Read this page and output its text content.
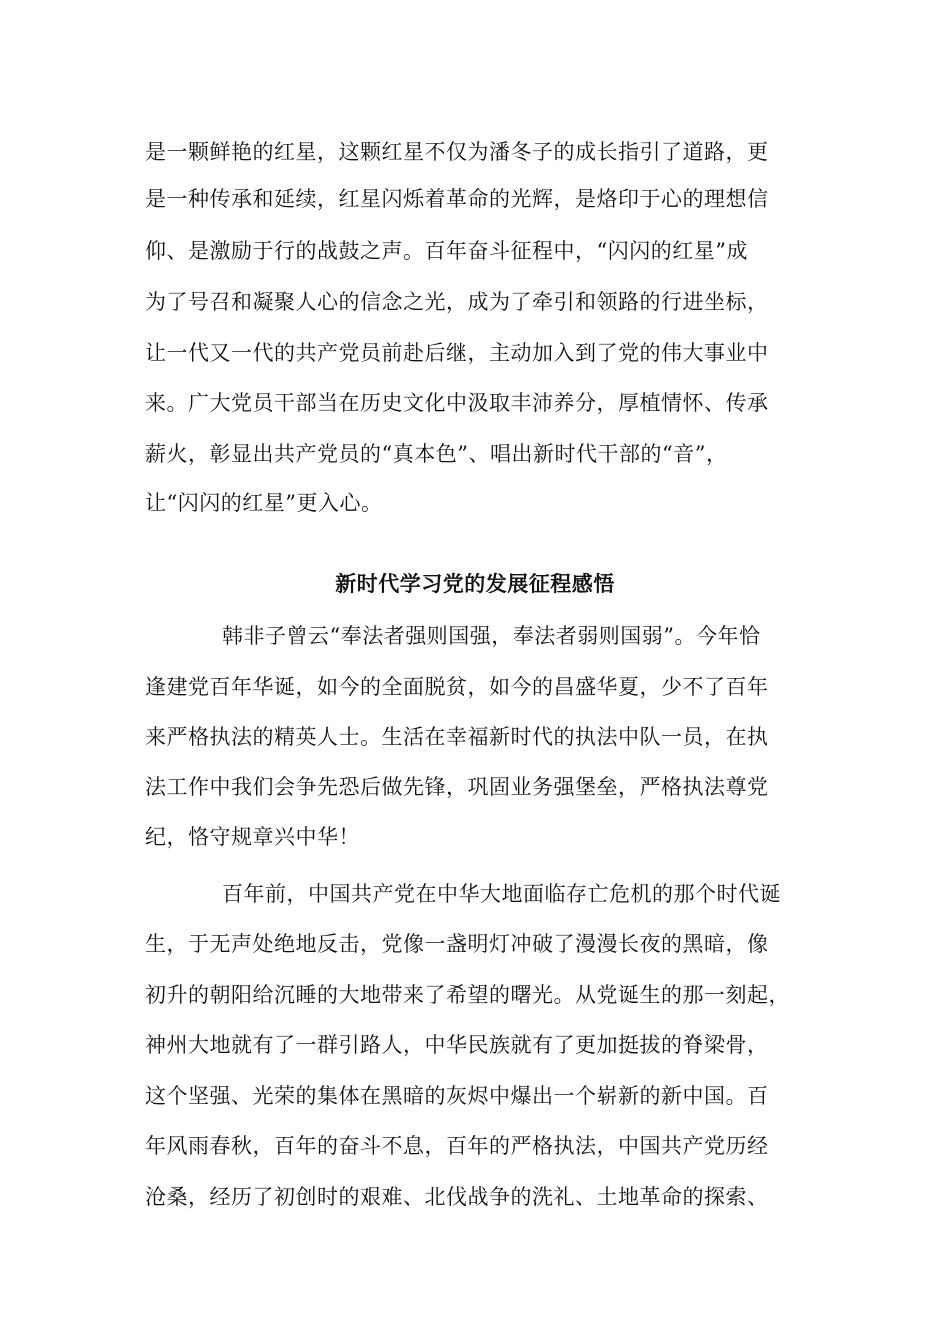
是一颗鲜艳的红星，这颗红星不仅为潘冬子的成长指引了道路，更
是一种传承和延续，红星闪烁着革命的光辉，是烙印于心的理想信
仰、是激励于行的战鼓之声。百年奋斗征程中，“闪闪的红星”成
为了号召和凝聚人心的信念之光，成为了牵引和领路的行进坐标，
让一代又一代的共产党员前赴后继，主动加入到了党的伟大事业中
来。广大党员干部当在历史文化中汲取丰沛养分，厚植情怀、传承
薪火，彰显出共产党员的“真本色”、唱出新时代干部的“音”，
让“闪闪的红星”更入心。
新时代学习党的发展征程感悟
韩非子曾云“奉法者强则国强，奉法者弱则国弱”。今年恰
逢建党百年华诞，如今的全面脱贫，如今的昌盛华夏，少不了百年
来严格执法的精英人士。生活在幸福新时代的执法中队一员，在执
法工作中我们会争先恐后做先锋，巩固业务强堡垒，严格执法尊党
纪，恪守规章兴中华！
百年前，中国共产党在中华大地面临存亡危机的那个时代诞
生，于无声处绝地反击，党像一盏明灯冲破了漫漫长夜的黑暗，像
初升的朝阳给沉睡的大地带来了希望的曙光。从党诞生的那一刻起，
神州大地就有了一群引路人，中华民族就有了更加挺拔的脊梁骨，
这个坚强、光荣的集体在黑暗的灰烬中爆出一个崭新的新中国。百
年风雨春秋，百年的奋斗不息，百年的严格执法，中国共产党历经
沧桑，经历了初创时的艰难、北伐战争的洗礼、土地革命的探索、
